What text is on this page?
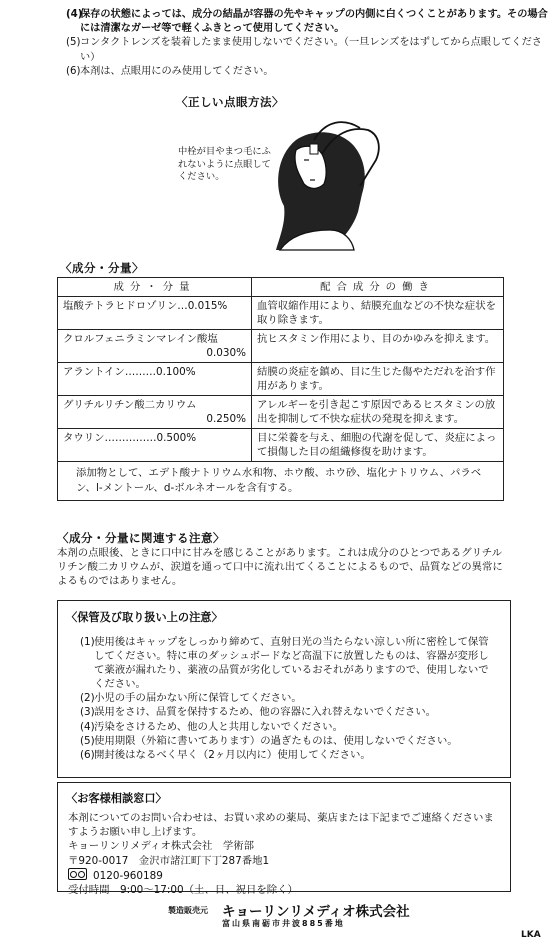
(4)
保存の状態によっては、成分の結晶が容器の先やキャップの内側に白くつくことがあります。その場合には清潔なガーゼ等で軽くふきとって使用してください。
(5) コンタクトレンズを装着したまま使用しないでください。（一旦レンズをはずしてから点眼してください）
(6) 本剤は、点眼用にのみ使用してください。
〈正しい点眼方法〉
中栓が目やまつ毛にふれないように点眼してください。
〈成分・分量〉
成分・分量	配合成分の働き
塩酸テトラヒドロゾリン…0.015%	血管収縮作用により、結膜充血などの不快な症状を取り除きます。

クロルフェニラミンマレイン酸塩
0.030%	抗ヒスタミン作用により、目のかゆみを抑えます。
アラントイン………0.100%	結膜の炎症を鎮め、目に生じた傷やただれを治す作用があります。

グリチルリチン酸二カリウム
0.250%	アレルギーを引き起こす原因であるヒスタミンの放出を抑制して不快な症状の発現を抑えます。
タウリン……………0.500%	目に栄養を与え、細胞の代謝を促して、炎症によって損傷した目の組織修復を助けます。
添加物として、エデト酸ナトリウム水和物、ホウ酸、ホウ砂、塩化ナトリウム、パラベン、l-メントール、d-ボルネオールを含有する。	
〈成分・分量に関連する注意〉
本剤の点眼後、ときに口中に甘みを感じることがあります。これは成分のひとつであるグリチルリチン酸二カリウムが、涙道を通って口中に流れ出てくることによるもので、品質などの異常によるものではありません。
〈保管及び取り扱い上の注意〉
(1) 使用後はキャップをしっかり締めて、直射日光の当たらない涼しい所に密栓して保管してください。特に車のダッシュボードなど高温下に放置したものは、容器が変形して薬液が漏れたり、薬液の品質が劣化しているおそれがありますので、使用しないでください。
(2) 小児の手の届かない所に保管してください。
(3) 誤用をさけ、品質を保持するため、他の容器に入れ替えないでください。
(4) 汚染をさけるため、他の人と共用しないでください。
(5) 使用期限（外箱に書いてあります）の過ぎたものは、使用しないでください。
(6) 開封後はなるべく早く（2ヶ月以内に）使用してください。
〈お客様相談窓口〉
本剤についてのお問い合わせは、お買い求めの薬局、薬店または下記までご連絡くださいますようお願い申し上げます。
キョーリンリメディオ株式会社　学術部
〒920-0017　金沢市諸江町下丁287番地1
0120-960189
受付時間　9:00～17:00（土、日、祝日を除く）
製造販売元 キョーリンリメディオ株式会社
富山県南砺市井波885番地
LKA
